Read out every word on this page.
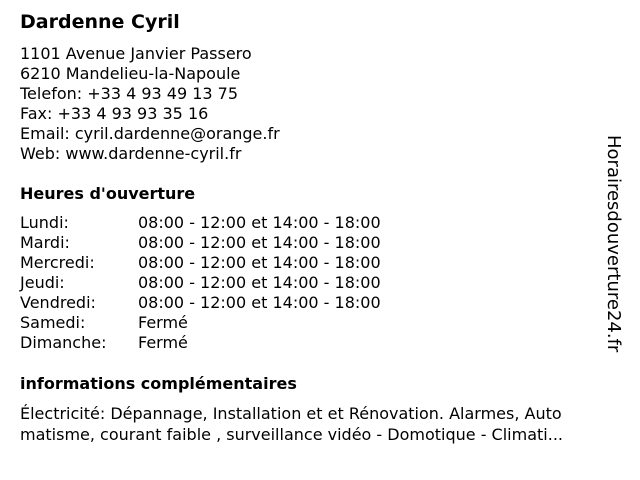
Dardenne Cyril
1101 Avenue Janvier Passero
6210 Mandelieu-la-Napoule
Telefon: +33 4 93 49 13 75
Fax: +33 4 93 93 35 16
Email: cyril.dardenne@orange.fr
Web: www.dardenne-cyril.fr
Heures d'ouverture
Lundi:	08:00 - 12:00 et 14:00 - 18:00
Mardi:	08:00 - 12:00 et 14:00 - 18:00
Mercredi:	08:00 - 12:00 et 14:00 - 18:00
Jeudi:	08:00 - 12:00 et 14:00 - 18:00
Vendredi:	08:00 - 12:00 et 14:00 - 18:00
Samedi:	Fermé
Dimanche: Fermé
informations complémentaires
Électricité: Dépannage, Installation et et Rénovation. Alarmes, Auto
matisme, courant faible , surveillance vidéo - Domotique - Climati...
Horairesdouverture24.fr
